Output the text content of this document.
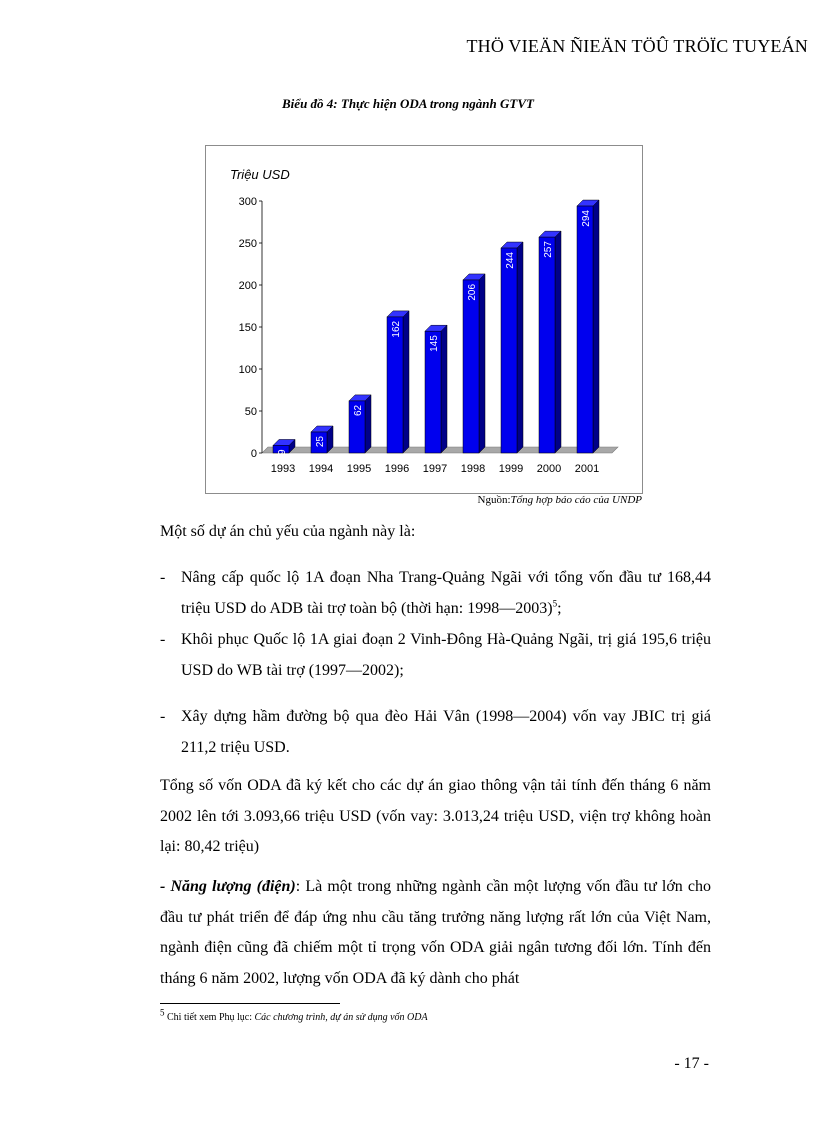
THÖ VIEÄN ÑIEÄN TÖÛ TRÖÏC TUYEÁN
Biểu đồ 4: Thực hiện ODA trong ngành GTVT
Triệu USD
0
50
100
150
200
250
300
9
1993
25
1994
62
1995
162
1996
145
1997
206
1998
244
1999
257
2000
294
2001
Nguồn:Tổng hợp báo cáo của UNDP
Một số dự án chủ yếu của ngành này là:
- Nâng cấp quốc lộ 1A đoạn Nha Trang-Quảng Ngãi với tổng vốn đầu tư 168,44 triệu USD do ADB tài trợ toàn bộ (thời hạn: 1998—2003)$^5$;
- Khôi phục Quốc lộ 1A giai đoạn 2 Vinh-Đông Hà-Quảng Ngãi, trị giá 195,6 triệu USD do WB tài trợ (1997—2002);
- Xây dựng hầm đường bộ qua đèo Hải Vân (1998—2004) vốn vay JBIC trị giá 211,2 triệu USD.
Tổng số vốn ODA đã ký kết cho các dự án giao thông vận tải tính đến tháng 6 năm 2002 lên tới 3.093,66 triệu USD (vốn vay: 3.013,24 triệu USD, viện trợ không hoàn lại: 80,42 triệu)
- Năng lượng (điện): Là một trong những ngành cần một lượng vốn đầu tư lớn cho đầu tư phát triển để đáp ứng nhu cầu tăng trưởng năng lượng rất lớn của Việt Nam, ngành điện cũng đã chiếm một tỉ trọng vốn ODA giải ngân tương đối lớn. Tính đến tháng 6 năm 2002, lượng vốn ODA đã ký dành cho phát
$^5$ Chi tiết xem Phụ lục: Các chương trình, dự án sử dụng vốn ODA
- 17 -
